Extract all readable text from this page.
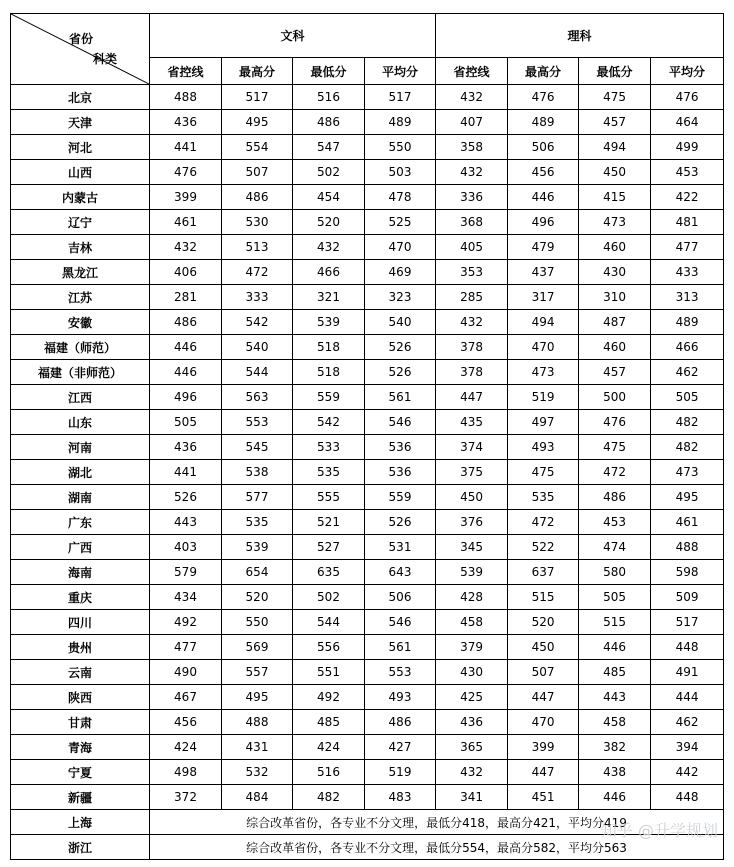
省份
科类	文科				理科			
	省控线	最高分	最低分	平均分	省控线	最高分	最低分	平均分
北京	488	517	516	517	432	476	475	476
天津	436	495	486	489	407	489	457	464
河北	441	554	547	550	358	506	494	499
山西	476	507	502	503	432	456	450	453
内蒙古	399	486	454	478	336	446	415	422
辽宁	461	530	520	525	368	496	473	481
吉林	432	513	432	470	405	479	460	477
黑龙江	406	472	466	469	353	437	430	433
江苏	281	333	321	323	285	317	310	313
安徽	486	542	539	540	432	494	487	489
福建（师范）	446	540	518	526	378	470	460	466
福建（非师范）	446	544	518	526	378	473	457	462
江西	496	563	559	561	447	519	500	505
山东	505	553	542	546	435	497	476	482
河南	436	545	533	536	374	493	475	482
湖北	441	538	535	536	375	475	472	473
湖南	526	577	555	559	450	535	486	495
广东	443	535	521	526	376	472	453	461
广西	403	539	527	531	345	522	474	488
海南	579	654	635	643	539	637	580	598
重庆	434	520	502	506	428	515	505	509
四川	492	550	544	546	458	520	515	517
贵州	477	569	556	561	379	450	446	448
云南	490	557	551	553	430	507	485	491
陕西	467	495	492	493	425	447	443	444
甘肃	456	488	485	486	436	470	458	462
青海	424	431	424	427	365	399	382	394
宁夏	498	532	516	519	432	447	438	442
新疆	372	484	482	483	341	451	446	448
上海	综合改革省份，各专业不分文理，最低分418，最高分421，平均分419							
浙江	综合改革省份，各专业不分文理，最低分554，最高分582，平均分563							
知乎 @升学规划
